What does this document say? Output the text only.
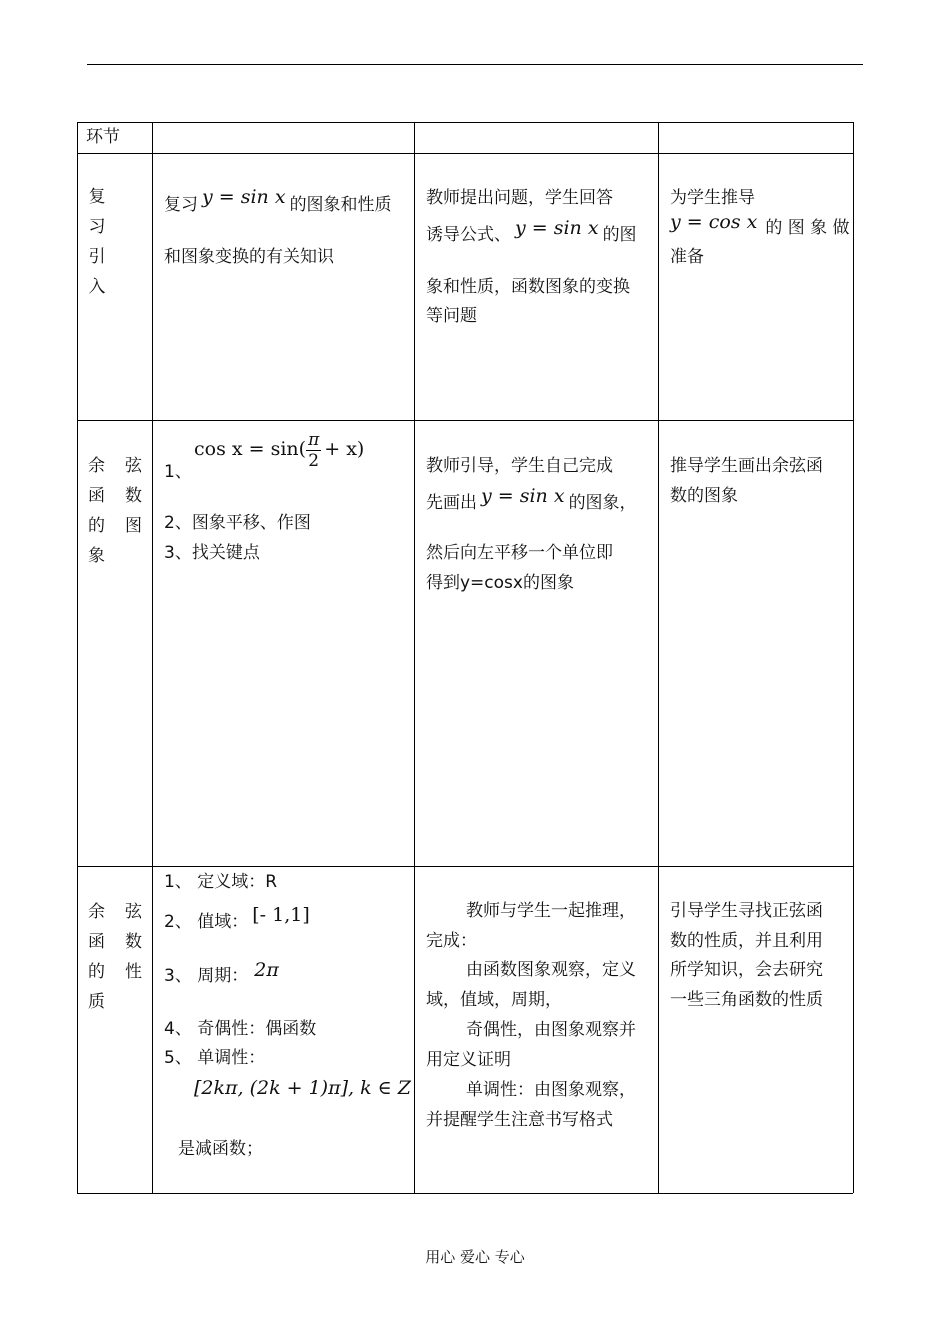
环节
复
习
引
入
复习 y = sin x 的图象和性质
和图象变换的有关知识
教师提出问题，学生回答
诱导公式、 y = sin x 的图
象和性质，函数图象的变换
等问题
为学生推导
y = cos x 的 图 象 做
准备
余 弦
函 数
的 图
象
1、
$\cos x = \sin( \frac{\pi}{2} + x)$
2、图象平移、作图
3、找关键点
教师引导，学生自己完成
先画出 y = sin x 的图象，
然后向左平移一个单位即
得到y=cosx的图象
推导学生画出余弦函
数的图象
余 弦
函 数
的 性
质
1、 定义域：R
2、 值域： [- 1,1]
3、 周期： 2π
4、 奇偶性：偶函数
5、 单调性：
[2kπ, (2k + 1)π], k ∈ Z
是减函数；
教师与学生一起推理，
完成：
由函数图象观察，定义
域，值域，周期，
奇偶性，由图象观察并
用定义证明
单调性：由图象观察，
并提醒学生注意书写格式
引导学生寻找正弦函
数的性质，并且利用
所学知识，会去研究
一些三角函数的性质
用心 爱心 专心
